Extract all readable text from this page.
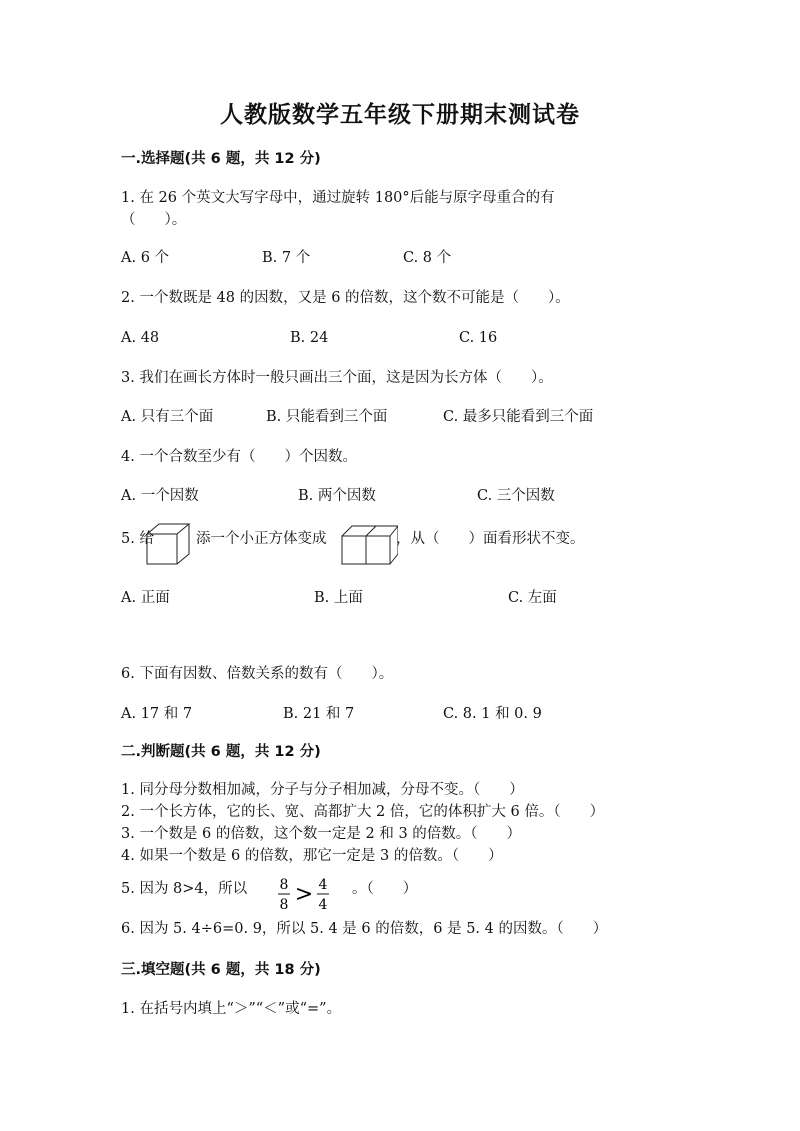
人教版数学五年级下册期末测试卷
一.选择题(共 6 题，共 12 分)
1. 在 26 个英文大写字母中，通过旋转 180°后能与原字母重合的有
（　　）。
A. 6 个	B. 7 个	C. 8 个
2. 一个数既是 48 的因数，又是 6 的倍数，这个数不可能是（　　）。
A. 48	B. 24	C. 16
3. 我们在画长方体时一般只画出三个面，这是因为长方体（　　）。
A. 只有三个面	B. 只能看到三个面	C. 最多只能看到三个面
4. 一个合数至少有（　　）个因数。
A. 一个因数	B. 两个因数	C. 三个因数
5. 给	添一个小正方体变成	，从（　　）面看形状不变。
A. 正面	B. 上面	C. 左面
6. 下面有因数、倍数关系的数有（　　）。
A. 17 和 7	B. 21 和 7	C. 8. 1 和 0. 9
二.判断题(共 6 题，共 12 分)
1. 同分母分数相加减，分子与分子相加减，分母不变。（　　）
2. 一个长方体，它的长、宽、高都扩大 2 倍，它的体积扩大 6 倍。（　　）
3. 一个数是 6 的倍数，这个数一定是 2 和 3 的倍数。（　　）
4. 如果一个数是 6 的倍数，那它一定是 3 的倍数。（　　）
5. 因为 8>4，所以 8
8 > 4
4
。（　　）
6. 因为 5. 4÷6=0. 9，所以 5. 4 是 6 的倍数，6 是 5. 4 的因数。（　　）
三.填空题(共 6 题，共 18 分)
1. 在括号内填上“＞”“＜”或“=”。
